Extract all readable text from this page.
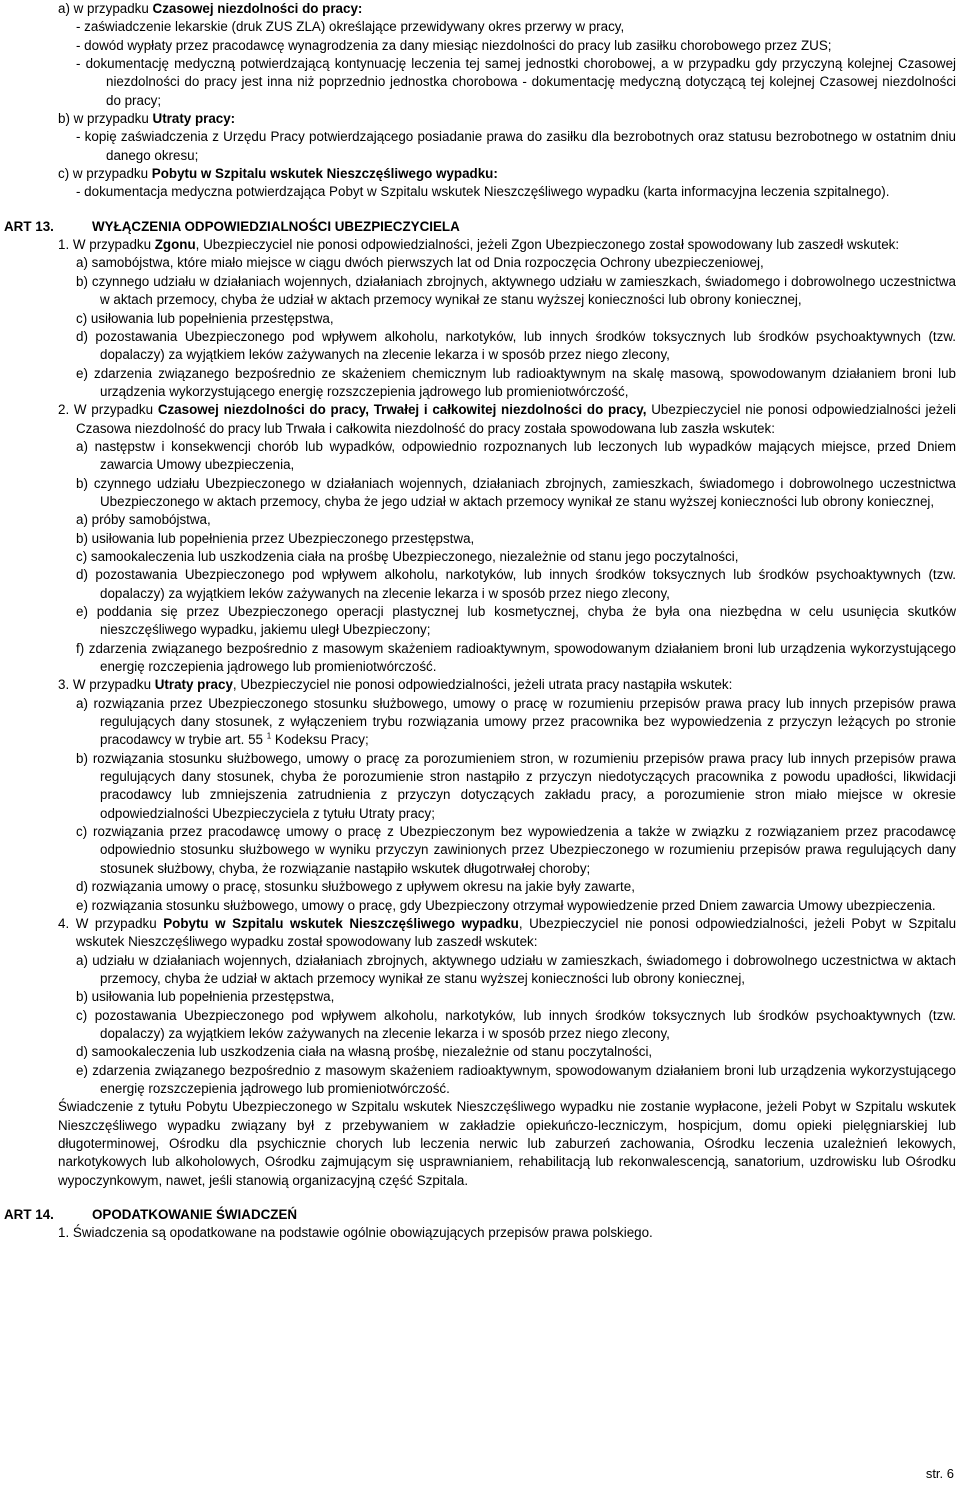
a) w przypadku Czasowej niezdolności do pracy:

- zaświadczenie lekarskie (druk ZUS ZLA) określające przewidywany okres przerwy w pracy,

- dowód wypłaty przez pracodawcę wynagrodzenia za dany miesiąc niezdolności do pracy lub zasiłku chorobowego przez ZUS;

- dokumentację medyczną potwierdzającą kontynuację leczenia tej samej jednostki chorobowej, a w przypadku gdy przyczyną kolejnej Czasowej niezdolności do pracy jest inna niż poprzednio jednostka chorobowa - dokumentację medyczną dotyczącą tej kolejnej Czasowej niezdolności do pracy;

b) w przypadku Utraty pracy:

- kopię zaświadczenia z Urzędu Pracy potwierdzającego posiadanie prawa do zasiłku dla bezrobotnych oraz statusu bezrobotnego w ostatnim dniu danego okresu;

c) w przypadku Pobytu w Szpitalu wskutek Nieszczęśliwego wypadku:

- dokumentacja medyczna potwierdzająca Pobyt w Szpitalu wskutek Nieszczęśliwego wypadku (karta informacyjna leczenia szpitalnego).

ART 13.	WYŁĄCZENIA ODPOWIEDZIALNOŚCI UBEZPIECZYCIELA

1. W przypadku Zgonu, Ubezpieczyciel nie ponosi odpowiedzialności, jeżeli Zgon Ubezpieczonego został spowodowany lub zaszedł wskutek:

a) samobójstwa, które miało miejsce w ciągu dwóch pierwszych lat od Dnia rozpoczęcia Ochrony ubezpieczeniowej,

b) czynnego udziału w działaniach wojennych, działaniach zbrojnych, aktywnego udziału w zamieszkach, świadomego i dobrowolnego uczestnictwa w aktach przemocy, chyba że udział w aktach przemocy wynikał ze stanu wyższej konieczności lub obrony koniecznej,

c) usiłowania lub popełnienia przestępstwa,

d) pozostawania Ubezpieczonego pod wpływem alkoholu, narkotyków, lub innych środków toksycznych lub środków psychoaktywnych (tzw. dopalaczy) za wyjątkiem leków zażywanych na zlecenie lekarza i w sposób przez niego zlecony,

e) zdarzenia związanego bezpośrednio ze skażeniem chemicznym lub radioaktywnym na skalę masową, spowodowanym działaniem broni lub urządzenia wykorzystującego energię rozszczepienia jądrowego lub promieniotwórczość,

2. W przypadku Czasowej niezdolności do pracy, Trwałej i całkowitej niezdolności do pracy, Ubezpieczyciel nie ponosi odpowiedzialności jeżeli Czasowa niezdolność do pracy lub Trwała i całkowita niezdolność do pracy została spowodowana lub zaszła wskutek:

a) następstw i konsekwencji chorób lub wypadków, odpowiednio rozpoznanych lub leczonych lub wypadków mających miejsce, przed Dniem zawarcia Umowy ubezpieczenia,

b) czynnego udziału Ubezpieczonego w działaniach wojennych, działaniach zbrojnych, zamieszkach, świadomego i dobrowolnego uczestnictwa Ubezpieczonego w aktach przemocy, chyba że jego udział w aktach przemocy wynikał ze stanu wyższej konieczności lub obrony koniecznej,

a) próby samobójstwa,

b) usiłowania lub popełnienia przez Ubezpieczonego przestępstwa,

c) samookaleczenia lub uszkodzenia ciała na prośbę Ubezpieczonego, niezależnie od stanu jego poczytalności,

d) pozostawania Ubezpieczonego pod wpływem alkoholu, narkotyków, lub innych środków toksycznych lub środków psychoaktywnych (tzw. dopalaczy) za wyjątkiem leków zażywanych na zlecenie lekarza i w sposób przez niego zlecony,

e) poddania się przez Ubezpieczonego operacji plastycznej lub kosmetycznej, chyba że była ona niezbędna w celu usunięcia skutków nieszczęśliwego wypadku, jakiemu uległ Ubezpieczony;

f) zdarzenia związanego bezpośrednio z masowym skażeniem radioaktywnym, spowodowanym działaniem broni lub urządzenia wykorzystującego energię rozczepienia jądrowego lub promieniotwórczość.

3. W przypadku Utraty pracy, Ubezpieczyciel nie ponosi odpowiedzialności, jeżeli utrata pracy nastąpiła wskutek:

a) rozwiązania przez Ubezpieczonego stosunku służbowego, umowy o pracę w rozumieniu przepisów prawa pracy lub innych przepisów prawa regulujących dany stosunek, z wyłączeniem trybu rozwiązania umowy przez pracownika bez wypowiedzenia z przyczyn leżących po stronie pracodawcy w trybie art. 55 $^1$ Kodeksu Pracy;

b) rozwiązania stosunku służbowego, umowy o pracę za porozumieniem stron, w rozumieniu przepisów prawa pracy lub innych przepisów prawa regulujących dany stosunek, chyba że porozumienie stron nastąpiło z przyczyn niedotyczących pracownika z powodu upadłości, likwidacji pracodawcy lub zmniejszenia zatrudnienia z przyczyn dotyczących zakładu pracy, a porozumienie stron miało miejsce w okresie odpowiedzialności Ubezpieczyciela z tytułu Utraty pracy;

c) rozwiązania przez pracodawcę umowy o pracę z Ubezpieczonym bez wypowiedzenia a także w związku z rozwiązaniem przez pracodawcę odpowiednio stosunku służbowego w wyniku przyczyn zawinionych przez Ubezpieczonego w rozumieniu przepisów prawa regulujących dany stosunek służbowy, chyba, że rozwiązanie nastąpiło wskutek długotrwałej choroby;

d) rozwiązania umowy o pracę, stosunku służbowego z upływem okresu na jakie były zawarte,

e) rozwiązania stosunku służbowego, umowy o pracę, gdy Ubezpieczony otrzymał wypowiedzenie przed Dniem zawarcia Umowy ubezpieczenia.

4. W przypadku Pobytu w Szpitalu wskutek Nieszczęśliwego wypadku, Ubezpieczyciel nie ponosi odpowiedzialności, jeżeli Pobyt w Szpitalu wskutek Nieszczęśliwego wypadku został spowodowany lub zaszedł wskutek:

a) udziału w działaniach wojennych, działaniach zbrojnych, aktywnego udziału w zamieszkach, świadomego i dobrowolnego uczestnictwa w aktach przemocy, chyba że udział w aktach przemocy wynikał ze stanu wyższej konieczności lub obrony koniecznej,

b) usiłowania lub popełnienia przestępstwa,

c) pozostawania Ubezpieczonego pod wpływem alkoholu, narkotyków, lub innych środków toksycznych lub środków psychoaktywnych (tzw. dopalaczy) za wyjątkiem leków zażywanych na zlecenie lekarza i w sposób przez niego zlecony,

d) samookaleczenia lub uszkodzenia ciała na własną prośbę, niezależnie od stanu poczytalności,

e) zdarzenia związanego bezpośrednio z masowym skażeniem radioaktywnym, spowodowanym działaniem broni lub urządzenia wykorzystującego energię rozszczepienia jądrowego lub promieniotwórczość.

Świadczenie z tytułu Pobytu Ubezpieczonego w Szpitalu wskutek Nieszczęśliwego wypadku nie zostanie wypłacone, jeżeli Pobyt w Szpitalu wskutek Nieszczęśliwego wypadku związany był z przebywaniem w zakładzie opiekuńczo-leczniczym, hospicjum, domu opieki pielęgniarskiej lub długoterminowej, Ośrodku dla psychicznie chorych lub leczenia nerwic lub zaburzeń zachowania, Ośrodku leczenia uzależnień lekowych, narkotykowych lub alkoholowych, Ośrodku zajmującym się usprawnianiem, rehabilitacją lub rekonwalescencją, sanatorium, uzdrowisku lub Ośrodku wypoczynkowym, nawet, jeśli stanowią organizacyjną część Szpitala.

ART 14.	OPODATKOWANIE ŚWIADCZEŃ

1. Świadczenia są opodatkowane na podstawie ogólnie obowiązujących przepisów prawa polskiego.

str. 6
